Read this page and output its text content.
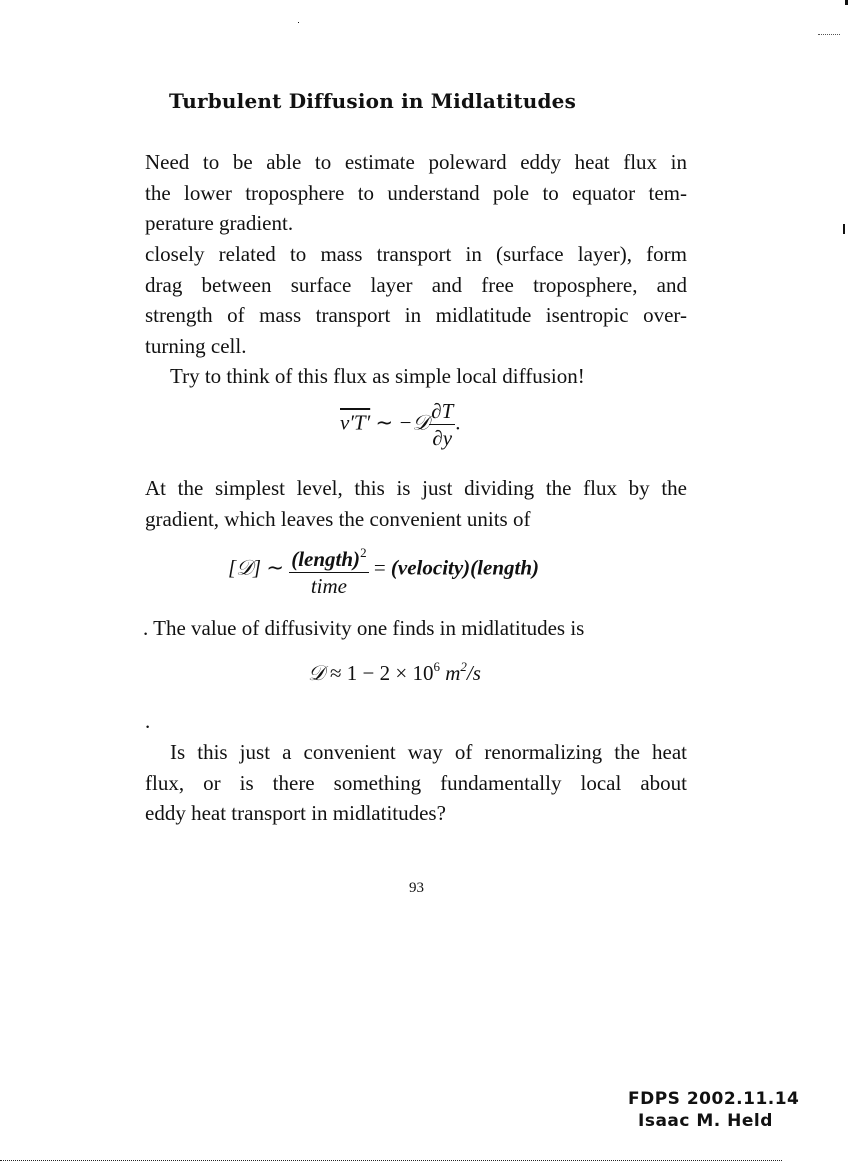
Turbulent Diffusion in Midlatitudes
Need to be able to estimate poleward eddy heat flux in
the lower troposphere to understand pole to equator tem-
perature gradient.
closely related to mass transport in (surface layer), form
drag between surface layer and free troposphere, and
strength of mass transport in midlatitude isentropic over-
turning cell.
Try to think of this flux as simple local diffusion!
v′T′ ∼ −𝒟 $\frac{\partial T}{\partial y}$ .
At the simplest level, this is just dividing the flux by the
gradient, which leaves the convenient units of
[𝒟] ∼ $\frac{(length)^2}{\text{time}}$ = (velocity)(length)
. The value of diffusivity one finds in midlatitudes is
𝒟 ≈ $1 - 2 \times 10^6$ $m^2/s$
.
Is this just a convenient way of renormalizing the heat
flux, or is there something fundamentally local about
eddy heat transport in midlatitudes?
93
FDPS 2002.11.14
Isaac M. Held
